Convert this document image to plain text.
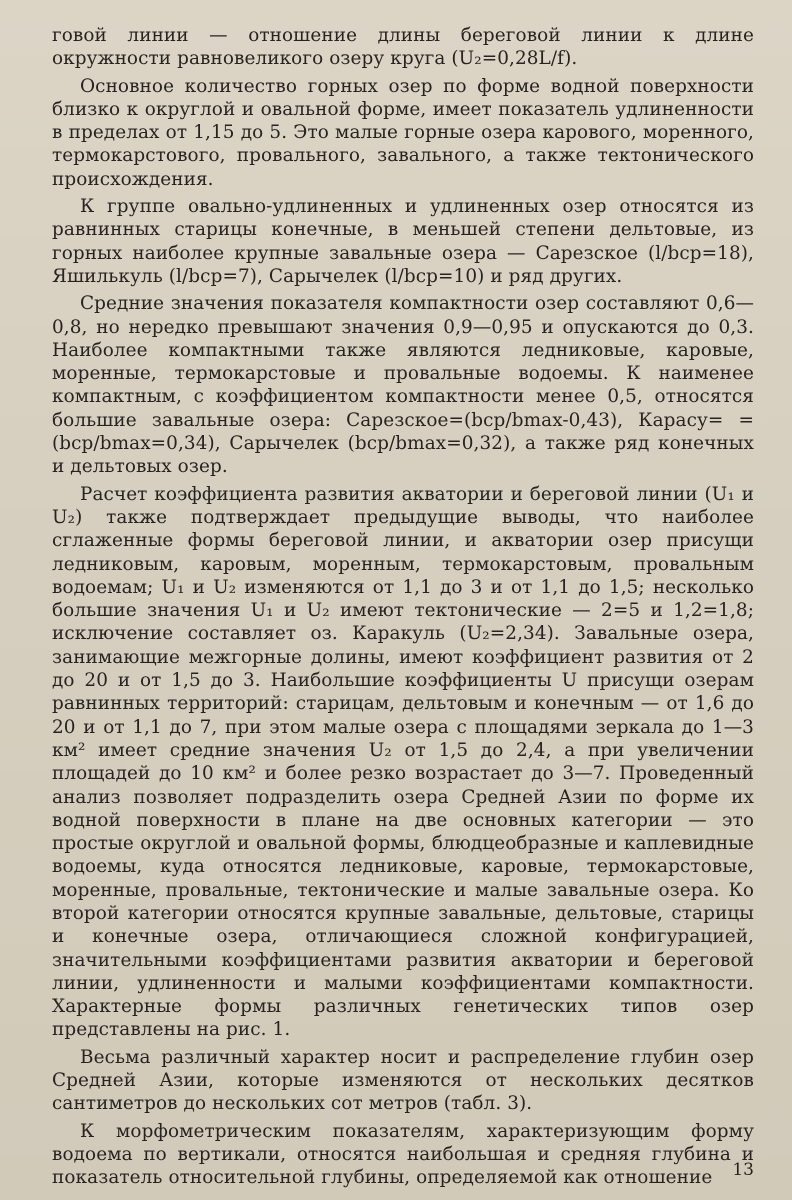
говой линии — отношение длины береговой линии к длине окружности равновеликого озеру круга (U₂=0,28L/f).

Основное количество горных озер по форме водной поверхности близко к округлой и овальной форме, имеет показатель удлиненности в пределах от 1,15 до 5. Это малые горные озера карового, моренного, термокарстового, провального, завального, а также тектонического происхождения.

К группе овально-удлиненных и удлиненных озер относятся из равнинных старицы конечные, в меньшей степени дельтовые, из горных наиболее крупные завальные озера — Сарезское (l/bср=18), Яшилькуль (l/bср=7), Сарычелек (l/bср=10) и ряд других.

Средние значения показателя компактности озер составляют 0,6—0,8, но нередко превышают значения 0,9—0,95 и опускаются до 0,3. Наиболее компактными также являются ледниковые, каровые, моренные, термокарстовые и провальные водоемы. К наименее компактным, с коэффициентом компактности менее 0,5, относятся большие завальные озера: Сарезское=(bср/bmax-0,43), Карасу= =(bср/bmax=0,34), Сарычелек (bср/bmax=0,32), а также ряд конечных и дельтовых озер.

Расчет коэффициента развития акватории и береговой линии (U₁ и U₂) также подтверждает предыдущие выводы, что наиболее сглаженные формы береговой линии, и акватории озер присущи ледниковым, каровым, моренным, термокарстовым, провальным водоемам; U₁ и U₂ изменяются от 1,1 до 3 и от 1,1 до 1,5; несколько большие значения U₁ и U₂ имеют тектонические — 2=5 и 1,2=1,8; исключение составляет оз. Каракуль (U₂=2,34). Завальные озера, занимающие межгорные долины, имеют коэффициент развития от 2 до 20 и от 1,5 до 3. Наибольшие коэффициенты U присущи озерам равнинных территорий: старицам, дельтовым и конечным — от 1,6 до 20 и от 1,1 до 7, при этом малые озера с площадями зеркала до 1—3 км² имеет средние значения U₂ от 1,5 до 2,4, а при увеличении площадей до 10 км² и более резко возрастает до 3—7. Проведенный анализ позволяет подразделить озера Средней Азии по форме их водной поверхности в плане на две основных категории — это простые округлой и овальной формы, блюдцеобразные и каплевидные водоемы, куда относятся ледниковые, каровые, термокарстовые, моренные, провальные, тектонические и малые завальные озера. Ко второй категории относятся крупные завальные, дельтовые, старицы и конечные озера, отличающиеся сложной конфигурацией, значительными коэффициентами развития акватории и береговой линии, удлиненности и малыми коэффициентами компактности. Характерные формы различных генетических типов озер представлены на рис. 1.

Весьма различный характер носит и распределение глубин озер Средней Азии, которые изменяются от нескольких десятков сантиметров до нескольких сот метров (табл. 3).

К морфометрическим показателям, характеризующим форму водоема по вертикали, относятся наибольшая и средняя глубина и показатель относительной глубины, определяемой как отношение	13
